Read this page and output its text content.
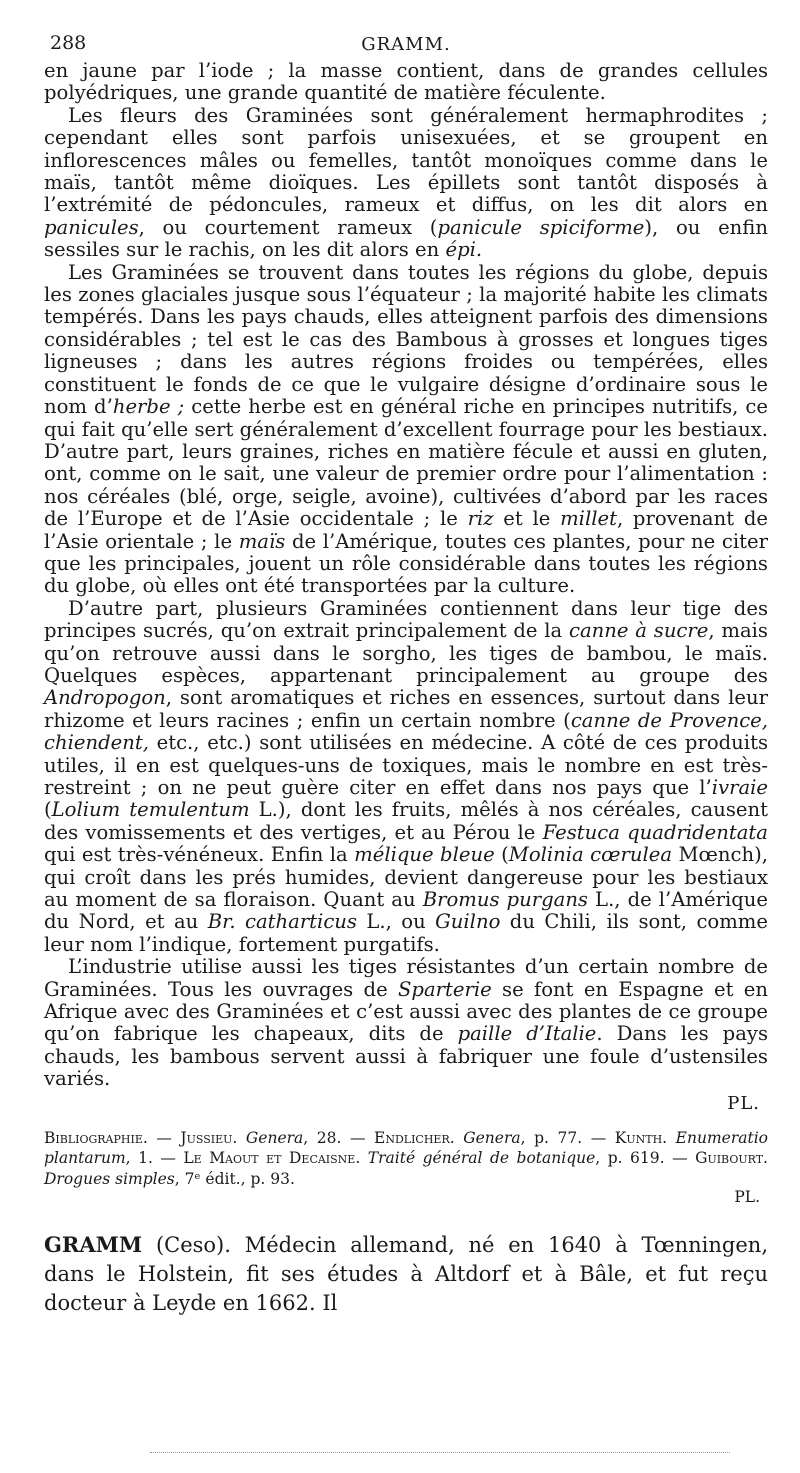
288	GRAMM.

en jaune par l’iode ; la masse contient, dans de grandes cellules polyédriques, une grande quantité de matière féculente.

Les fleurs des Graminées sont généralement hermaphrodites ; cependant elles sont parfois unisexuées, et se groupent en inflorescences mâles ou femelles, tantôt monoïques comme dans le maïs, tantôt même dioïques. Les épillets sont tantôt disposés à l’extrémité de pédoncules, rameux et diffus, on les dit alors en panicules, ou courtement rameux (panicule spiciforme), ou enfin sessiles sur le rachis, on les dit alors en épi.

Les Graminées se trouvent dans toutes les régions du globe, depuis les zones glaciales jusque sous l’équateur ; la majorité habite les climats tempérés. Dans les pays chauds, elles atteignent parfois des dimensions considérables ; tel est le cas des Bambous à grosses et longues tiges ligneuses ; dans les autres régions froides ou tempérées, elles constituent le fonds de ce que le vulgaire désigne d’ordinaire sous le nom d’herbe ; cette herbe est en général riche en principes nutritifs, ce qui fait qu’elle sert généralement d’excellent fourrage pour les bestiaux. D’autre part, leurs graines, riches en matière fécule et aussi en gluten, ont, comme on le sait, une valeur de premier ordre pour l’alimentation : nos céréales (blé, orge, seigle, avoine), cultivées d’abord par les races de l’Europe et de l’Asie occidentale ; le riz et le millet, provenant de l’Asie orientale ; le maïs de l’Amérique, toutes ces plantes, pour ne citer que les principales, jouent un rôle considérable dans toutes les régions du globe, où elles ont été transportées par la culture.

D’autre part, plusieurs Graminées contiennent dans leur tige des principes sucrés, qu’on extrait principalement de la canne à sucre, mais qu’on retrouve aussi dans le sorgho, les tiges de bambou, le maïs. Quelques espèces, appartenant principalement au groupe des Andropogon, sont aromatiques et riches en essences, surtout dans leur rhizome et leurs racines ; enfin un certain nombre (canne de Provence, chiendent, etc., etc.) sont utilisées en médecine. A côté de ces produits utiles, il en est quelques-uns de toxiques, mais le nombre en est très-restreint ; on ne peut guère citer en effet dans nos pays que l’ivraie (Lolium temulentum L.), dont les fruits, mêlés à nos céréales, causent des vomissements et des vertiges, et au Pérou le Festuca quadridentata qui est très-vénéneux. Enfin la mélique bleue (Molinia cœrulea Mœnch), qui croît dans les prés humides, devient dangereuse pour les bestiaux au moment de sa floraison. Quant au Bromus purgans L., de l’Amérique du Nord, et au Br. catharticus L., ou Guilno du Chili, ils sont, comme leur nom l’indique, fortement purgatifs.

L’industrie utilise aussi les tiges résistantes d’un certain nombre de Graminées. Tous les ouvrages de Sparterie se font en Espagne et en Afrique avec des Graminées et c’est aussi avec des plantes de ce groupe qu’on fabrique les chapeaux, dits de paille d’Italie. Dans les pays chauds, les bambous servent aussi à fabriquer une foule d’ustensiles variés.

PL.
Bibliographie. — Jussieu. Genera, 28. — Endlicher. Genera, p. 77. — Kunth. Enumeratio plantarum, 1. — Le Maout et Decaisne. Traité général de botanique, p. 619. — Guibourt. Drogues simples, 7ᵉ édit., p. 93.
PL.
GRAMM (Ceso). Médecin allemand, né en 1640 à Tœnningen, dans le Holstein, fit ses études à Altdorf et à Bâle, et fut reçu docteur à Leyde en 1662. Il
